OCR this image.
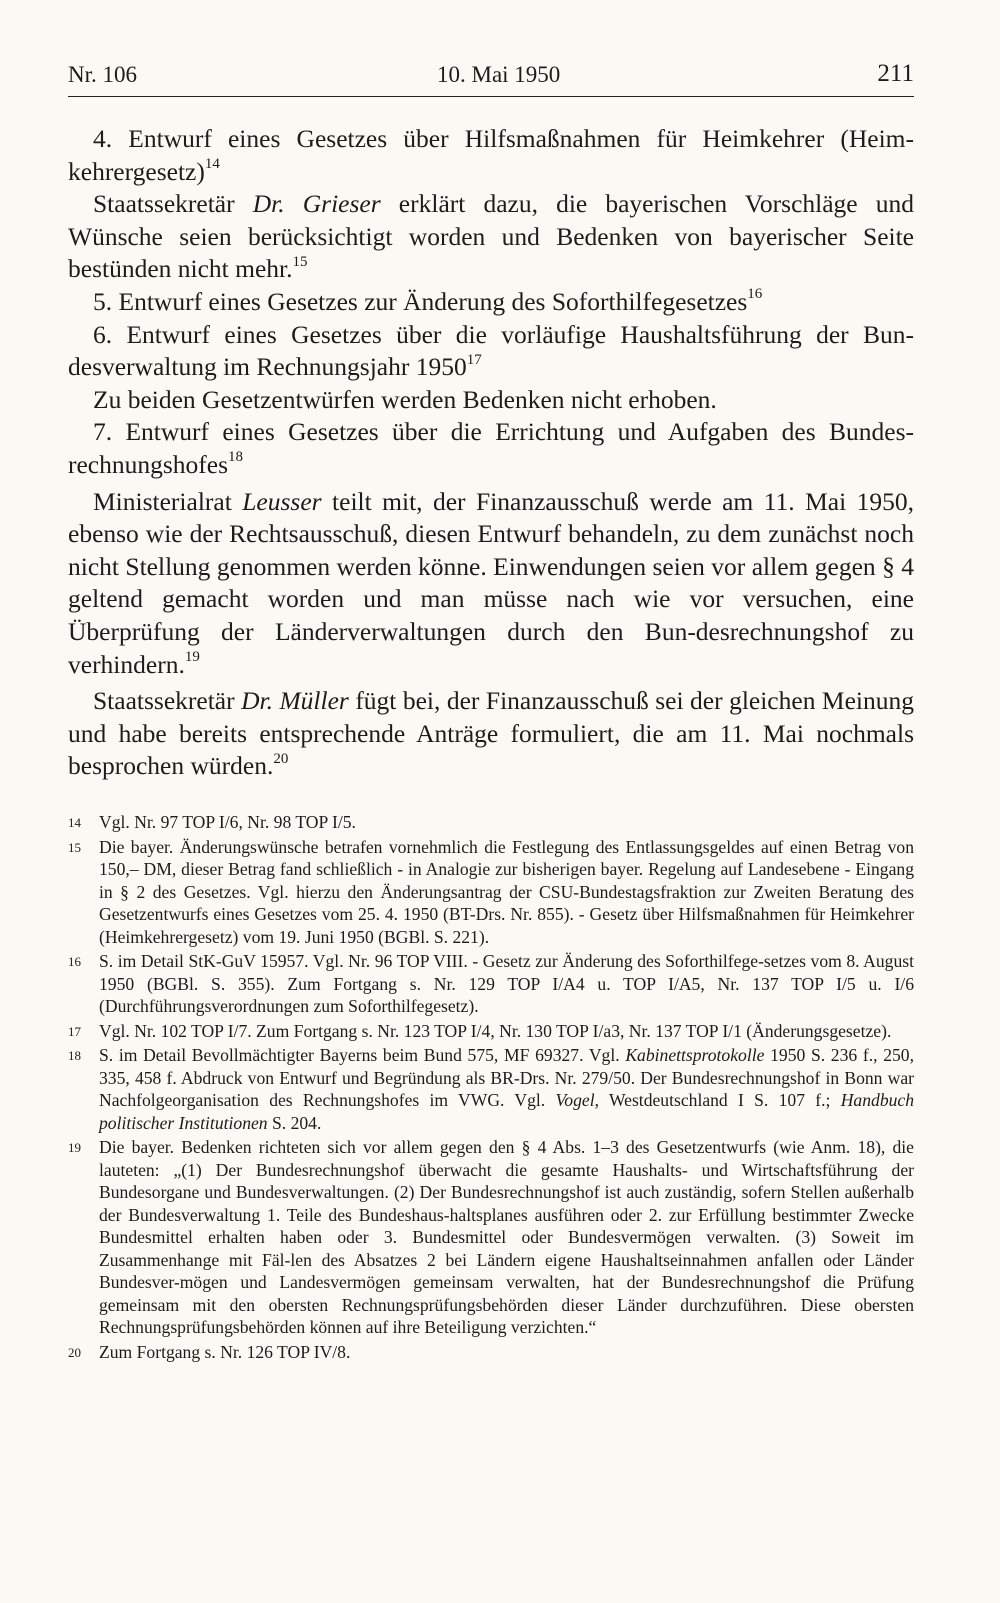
Nr. 106	10. Mai 1950	211

4. Entwurf eines Gesetzes über Hilfsmaßnahmen für Heimkehrer (Heim-kehrergesetz)$^{14}$

Staatssekretär Dr. Grieser erklärt dazu, die bayerischen Vorschläge und Wünsche seien berücksichtigt worden und Bedenken von bayerischer Seite bestünden nicht mehr.$^{15}$

5. Entwurf eines Gesetzes zur Änderung des Soforthilfegesetzes$^{16}$

6. Entwurf eines Gesetzes über die vorläufige Haushaltsführung der Bun-desverwaltung im Rechnungsjahr 1950$^{17}$

Zu beiden Gesetzentwürfen werden Bedenken nicht erhoben.

7. Entwurf eines Gesetzes über die Errichtung und Aufgaben des Bundes-rechnungshofes$^{18}$

Ministerialrat Leusser teilt mit, der Finanzausschuß werde am 11. Mai 1950, ebenso wie der Rechtsausschuß, diesen Entwurf behandeln, zu dem zunächst noch nicht Stellung genommen werden könne. Einwendungen seien vor allem gegen § 4 geltend gemacht worden und man müsse nach wie vor versuchen, eine Überprüfung der Länderverwaltungen durch den Bun-desrechnungshof zu verhindern.$^{19}$

Staatssekretär Dr. Müller fügt bei, der Finanzausschuß sei der gleichen Meinung und habe bereits entsprechende Anträge formuliert, die am 11. Mai nochmals besprochen würden.$^{20}$

14 Vgl. Nr. 97 TOP I/6, Nr. 98 TOP I/5.
15 Die bayer. Änderungswünsche betrafen vornehmlich die Festlegung des Entlassungsgeldes auf einen Betrag von 150,– DM, dieser Betrag fand schließlich - in Analogie zur bisherigen bayer. Regelung auf Landesebene - Eingang in § 2 des Gesetzes. Vgl. hierzu den Änderungsantrag der CSU-Bundestagsfraktion zur Zweiten Beratung des Gesetzentwurfs eines Gesetzes vom 25. 4. 1950 (BT-Drs. Nr. 855). - Gesetz über Hilfsmaßnahmen für Heimkehrer (Heimkehrergesetz) vom 19. Juni 1950 (BGBl. S. 221).
16 S. im Detail StK-GuV 15957. Vgl. Nr. 96 TOP VIII. - Gesetz zur Änderung des Soforthilfege-setzes vom 8. August 1950 (BGBl. S. 355). Zum Fortgang s. Nr. 129 TOP I/A4 u. TOP I/A5, Nr. 137 TOP I/5 u. I/6 (Durchführungsverordnungen zum Soforthilfegesetz).
17 Vgl. Nr. 102 TOP I/7. Zum Fortgang s. Nr. 123 TOP I/4, Nr. 130 TOP I/a3, Nr. 137 TOP I/1 (Änderungsgesetze).
18 S. im Detail Bevollmächtigter Bayerns beim Bund 575, MF 69327. Vgl. Kabinettsprotokolle 1950 S. 236 f., 250, 335, 458 f. Abdruck von Entwurf und Begründung als BR-Drs. Nr. 279/50. Der Bundesrechnungshof in Bonn war Nachfolgeorganisation des Rechnungshofes im VWG. Vgl. Vogel, Westdeutschland I S. 107 f.; Handbuch politischer Institutionen S. 204.
19 Die bayer. Bedenken richteten sich vor allem gegen den § 4 Abs. 1–3 des Gesetzentwurfs (wie Anm. 18), die lauteten: „(1) Der Bundesrechnungshof überwacht die gesamte Haushalts- und Wirtschaftsführung der Bundesorgane und Bundesverwaltungen. (2) Der Bundesrechnungshof ist auch zuständig, sofern Stellen außerhalb der Bundesverwaltung 1. Teile des Bundeshaus-haltsplanes ausführen oder 2. zur Erfüllung bestimmter Zwecke Bundesmittel erhalten haben oder 3. Bundesmittel oder Bundesvermögen verwalten. (3) Soweit im Zusammenhange mit Fäl-len des Absatzes 2 bei Ländern eigene Haushaltseinnahmen anfallen oder Länder Bundesver-mögen und Landesvermögen gemeinsam verwalten, hat der Bundesrechnungshof die Prüfung gemeinsam mit den obersten Rechnungsprüfungsbehörden dieser Länder durchzuführen. Diese obersten Rechnungsprüfungsbehörden können auf ihre Beteiligung verzichten.“
20 Zum Fortgang s. Nr. 126 TOP IV/8.
